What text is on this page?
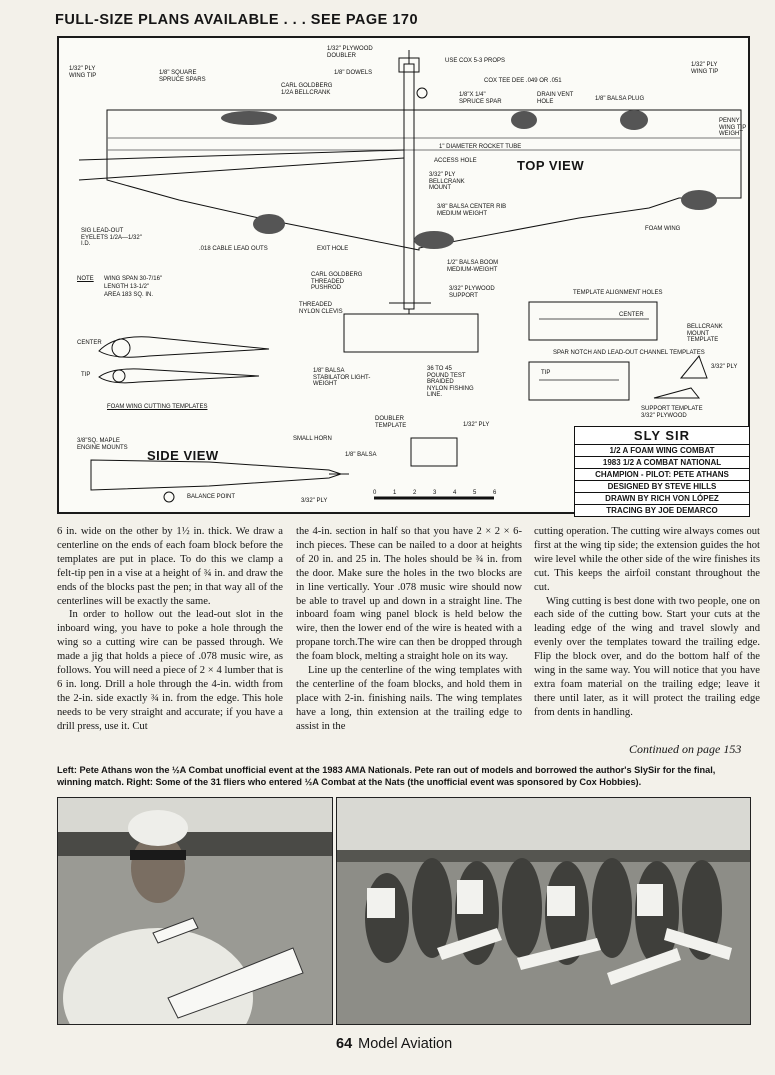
FULL-SIZE PLANS AVAILABLE . . . SEE PAGE 170
TOP VIEW
SIDE VIEW
1/32" PLYWOOD DOUBLER
USE COX 5-3 PROPS
1/32" PLY WING TIP	1/8" SQUARE SPRUCE SPARS
1/8" DOWELS
CARL GOLDBERG 1/2A BELLCRANK
COX TEE DEE .049 OR .051
1/8"X 1/4" SPRUCE SPAR
DRAIN VENT HOLE	1/8" BALSA PLUG
1/32" PLY WING TIP
PENNY WING TIP WEIGHT
1" DIAMETER ROCKET TUBE
ACCESS HOLE
3/32" PLY BELLCRANK MOUNT
3/8" BALSA CENTER RIB MEDIUM WEIGHT
SIG LEAD-OUT EYELETS 1/2A—1/32" I.D.
.018 CABLE LEAD OUTS	EXIT HOLE
FOAM WING
NOTE WING SPAN 30-7/16"
LENGTH 13-1/2"
AREA 183 SQ. IN.
1/2" BALSA BOOM MEDIUM-WEIGHT
CARL GOLDBERG THREADED PUSHROD	3/32" PLYWOOD SUPPORT
THREADED NYLON CLEVIS
TEMPLATE ALIGNMENT HOLES
CENTER
BELLCRANK MOUNT TEMPLATE
SPAR NOTCH AND LEAD-OUT CHANNEL TEMPLATES
TIP
3/32" PLY
CENTER
TIP
FOAM WING CUTTING TEMPLATES
1/8" BALSA STABILATOR LIGHT-WEIGHT
36 TO 45 POUND TEST BRAIDED NYLON FISHING LINE.
SUPPORT TEMPLATE 3/32" PLYWOOD
3/8"SQ. MAPLE ENGINE MOUNTS
DOUBLER TEMPLATE	1/32" PLY
SMALL HORN
1/8" BALSA
BALANCE POINT
3/32" PLY
0	1	2	3	4	5	6
SLY SIR
1/2 A FOAM WING COMBAT
1983 1/2 A COMBAT NATIONAL
CHAMPION - PILOT: PETE ATHANS
DESIGNED BY STEVE HILLS
DRAWN BY RICH VON LÓPEZ
TRACING BY JOE DEMARCO

6 in. wide on the other by 1½ in. thick. We draw a centerline on the ends of each foam block before the templates are put in place. To do this we clamp a felt-tip pen in a vise at a height of ¾ in. and draw the ends of the blocks past the pen; in that way all of the centerlines will be exactly the same.

In order to hollow out the lead-out slot in the inboard wing, you have to poke a hole through the wing so a cutting wire can be passed through. We made a jig that holds a piece of .078 music wire, as follows. You will need a piece of 2 × 4 lumber that is 6 in. long. Drill a hole through the 4-in. width from the 2-in. side exactly ¾ in. from the edge. This hole needs to be very straight and accurate; if you have a drill press, use it. Cut

the 4-in. section in half so that you have 2 × 2 × 6-inch pieces. These can be nailed to a door at heights of 20 in. and 25 in. The holes should be ¾ in. from the door. Make sure the holes in the two blocks are in line vertically. Your .078 music wire should now be able to travel up and down in a straight line. The inboard foam wing panel block is held below the wire, then the lower end of the wire is heated with a propane torch.The wire can then be dropped through the foam block, melting a straight hole on its way.

Line up the centerline of the wing templates with the centerline of the foam blocks, and hold them in place with 2-in. finishing nails. The wing templates have a long, thin extension at the trailing edge to assist in the

cutting operation. The cutting wire always comes out first at the wing tip side; the extension guides the hot wire level while the other side of the wire finishes its cut. This keeps the airfoil constant throughout the cut.

Wing cutting is best done with two people, one on each side of the cutting bow. Start your cuts at the leading edge of the wing and travel slowly and evenly over the templates toward the trailing edge. Flip the block over, and do the bottom half of the wing in the same way. You will notice that you have extra foam material on the trailing edge; leave it there until later, as it will protect the trailing edge from dents in handling.

Continued on page 153
Left: Pete Athans won the ½A Combat unofficial event at the 1983 AMA Nationals. Pete ran out of models and borrowed the author's SlySir for the final, winning match. Right: Some of the 31 fliers who entered ½A Combat at the Nats (the unofficial event was sponsored by Cox Hobbies).
64 Model Aviation
